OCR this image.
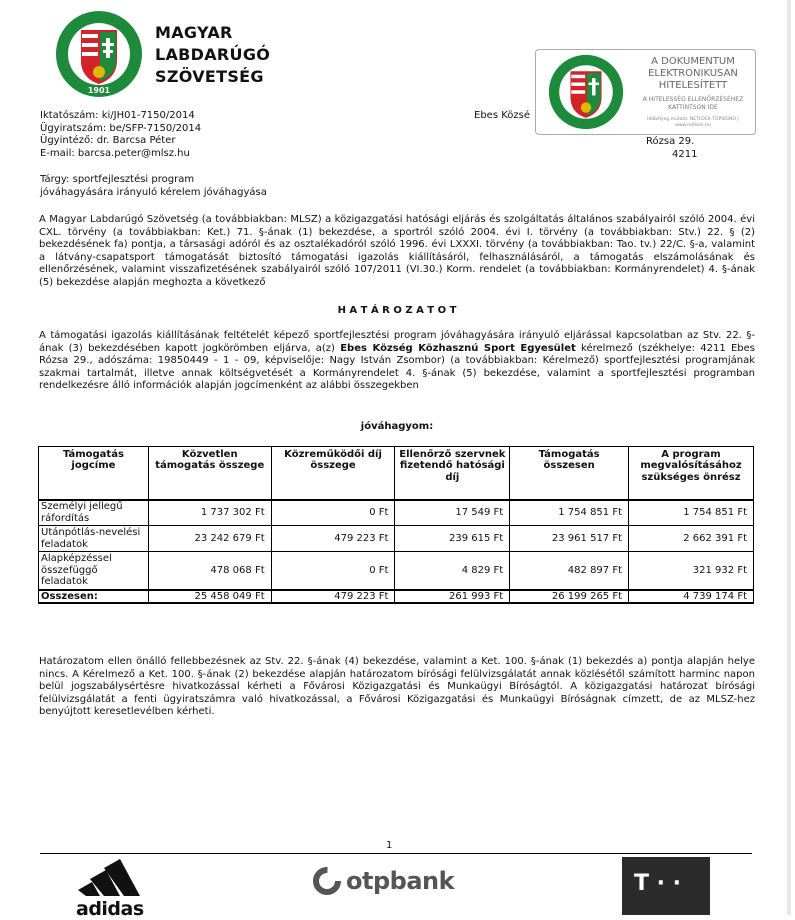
1901
MAGYAR
LABDARÚGÓ
SZÖVETSÉG
A DOKUMENTUM
ELEKTRONIKUSAN
HITELESÍTETT
A HITELESSÉG ELLENŐRZÉSÉHEZ
KATTINTSON IDE
Időbélyeg mutató: NETLOCK TOPSIGNO | www.netlock.hu
Iktatószám: ki/JH01-7150/2014
Ügyiratszám: be/SFP-7150/2014
Ügyintéző: dr. Barcsa Péter
E-mail: barcsa.peter@mlsz.hu
Ebes Közsé
Rózsa 29.
4211
Tárgy: sportfejlesztési program
jóváhagyására irányuló kérelem jóváhagyása
A Magyar Labdarúgó Szövetség (a továbbiakban: MLSZ) a közigazgatási hatósági eljárás és szolgáltatás általános szabályairól szóló 2004. évi CXL. törvény (a továbbiakban: Ket.) 71. §-ának (1) bekezdése, a sportról szóló 2004. évi I. törvény (a továbbiakban: Stv.) 22. § (2) bekezdésének fa) pontja, a társasági adóról és az osztalékadóról szóló 1996. évi LXXXI. törvény (a továbbiakban: Tao. tv.) 22/C. §-a, valamint a látvány-csapatsport támogatását biztosító támogatási igazolás kiállításáról, felhasználásáról, a támogatás elszámolásának és ellenőrzésének, valamint visszafizetésének szabályairól szóló 107/2011 (VI.30.) Korm. rendelet (a továbbiakban: Kormányrendelet) 4. §-ának (5) bekezdése alapján meghozta a következő
H A T Á R O Z A T O T
A támogatási igazolás kiállításának feltételét képező sportfejlesztési program jóváhagyására irányuló eljárással kapcsolatban az Stv. 22. §-ának (3) bekezdésében kapott jogkörömben eljárva, a(z) Ebes Község Közhasznú Sport Egyesület kérelmező (székhelye: 4211 Ebes Rózsa 29., adószáma: 19850449 - 1 - 09, képviselője: Nagy István Zsombor) (a továbbiakban: Kérelmező) sportfejlesztési programjának szakmai tartalmát, illetve annak költségvetését a Kormányrendelet 4. §-ának (5) bekezdése, valamint a sportfejlesztési programban rendelkezésre álló információk alapján jogcímenként az alábbi összegekben
jóváhagyom:
Támogatás jogcíme	Közvetlen támogatás összege	Közreműködői díj összege	Ellenőrző szervnek fizetendő hatósági díj	Támogatás összesen	A program megvalósításához szükséges önrész
Személyi jellegű ráfordítás	1 737 302 Ft	0 Ft	17 549 Ft	1 754 851 Ft	1 754 851 Ft
Utánpótlás-nevelési feladatok	23 242 679 Ft	479 223 Ft	239 615 Ft	23 961 517 Ft	2 662 391 Ft
Alapképzéssel összefüggő feladatok	478 068 Ft	0 Ft	4 829 Ft	482 897 Ft	321 932 Ft
Összesen:	25 458 049 Ft	479 223 Ft	261 993 Ft	26 199 265 Ft	4 739 174 Ft
Határozatom ellen önálló fellebbezésnek az Stv. 22. §-ának (4) bekezdése, valamint a Ket. 100. §-ának (1) bekezdés a) pontja alapján helye nincs. A Kérelmező a Ket. 100. §-ának (2) bekezdése alapján határozatom bírósági felülvizsgálatát annak közlésétől számított harminc napon belül jogszabálysértésre hivatkozással kérheti a Fővárosi Közigazgatási és Munkaügyi Bíróságtól. A közigazgatási határozat bírósági felülvizsgálatát a fenti ügyiratszámra való hivatkozással, a Fővárosi Közigazgatási és Munkaügyi Bíróságnak címzett, de az MLSZ-hez benyújtott keresetlevélben kérheti.
1
adidas
otpbank	T · ·
